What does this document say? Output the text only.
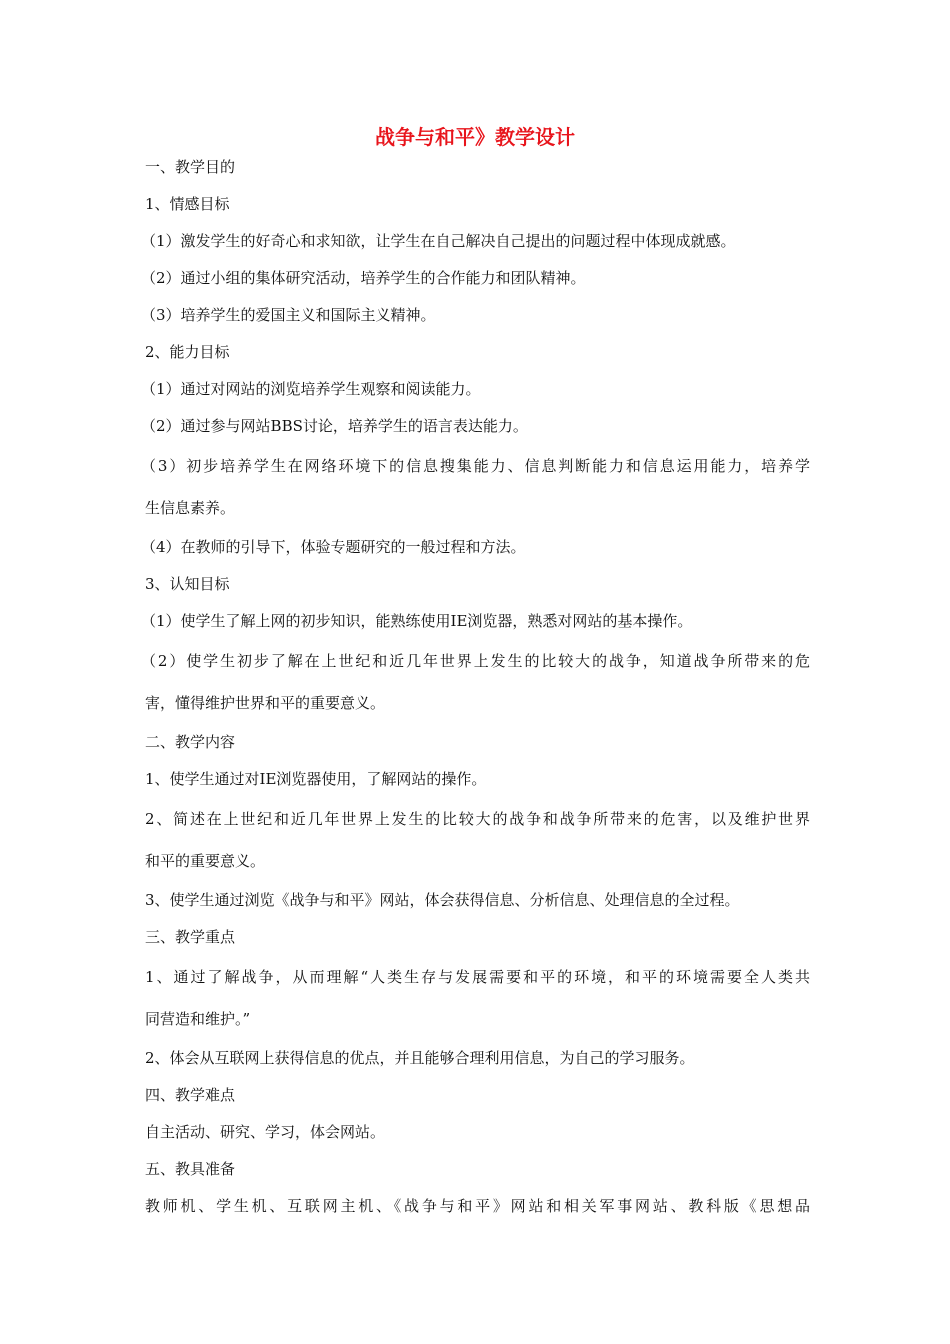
战争与和平》教学设计
一、教学目的
1、情感目标
（1）激发学生的好奇心和求知欲，让学生在自己解决自己提出的问题过程中体现成就感。
（2）通过小组的集体研究活动，培养学生的合作能力和团队精神。
（3）培养学生的爱国主义和国际主义精神。
2、能力目标
（1）通过对网站的浏览培养学生观察和阅读能力。
（2）通过参与网站BBS讨论，培养学生的语言表达能力。
（3）初步培养学生在网络环境下的信息搜集能力、信息判断能力和信息运用能力，培养学
生信息素养。
（4）在教师的引导下，体验专题研究的一般过程和方法。
3、认知目标
（1）使学生了解上网的初步知识，能熟练使用IE浏览器，熟悉对网站的基本操作。
（2）使学生初步了解在上世纪和近几年世界上发生的比较大的战争，知道战争所带来的危
害，懂得维护世界和平的重要意义。
二、教学内容
1、使学生通过对IE浏览器使用，了解网站的操作。
2、简述在上世纪和近几年世界上发生的比较大的战争和战争所带来的危害，以及维护世界
和平的重要意义。
3、使学生通过浏览《战争与和平》网站，体会获得信息、分析信息、处理信息的全过程。
三、教学重点
1、通过了解战争，从而理解“人类生存与发展需要和平的环境，和平的环境需要全人类共
同营造和维护。”
2、体会从互联网上获得信息的优点，并且能够合理利用信息，为自己的学习服务。
四、教学难点
自主活动、研究、学习，体会网站。
五、教具准备
教师机、学生机、互联网主机、《战争与和平》网站和相关军事网站、教科版《思想品
